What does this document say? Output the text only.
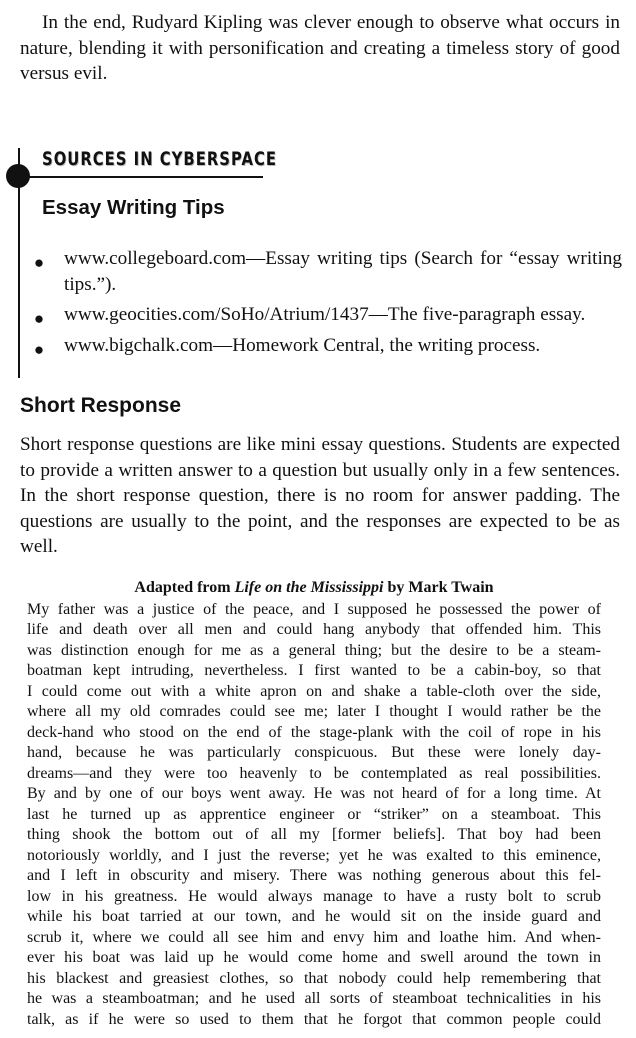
In the end, Rudyard Kipling was clever enough to observe what occurs in nature, blending it with personification and creating a timeless story of good versus evil.

SOURCES IN CYBERSPACE
Essay Writing Tips
● www.collegeboard.com—Essay writing tips (Search for “essay writing tips.”).
● www.geocities.com/SoHo/Atrium/1437—The five-paragraph essay.
● www.bigchalk.com—Homework Central, the writing process.
Short Response

Short response questions are like mini essay questions. Students are expected to provide a written answer to a question but usually only in a few sentences. In the short response question, there is no room for answer padding. The questions are usually to the point, and the responses are expected to be as well.

Adapted from Life on the Mississippi by Mark Twain
My father was a justice of the peace, and I supposed he possessed the power of
life and death over all men and could hang anybody that offended him. This
was distinction enough for me as a general thing; but the desire to be a steam-
boatman kept intruding, nevertheless. I first wanted to be a cabin-boy, so that
I could come out with a white apron on and shake a table-cloth over the side,
where all my old comrades could see me; later I thought I would rather be the
deck-hand who stood on the end of the stage-plank with the coil of rope in his
hand, because he was particularly conspicuous. But these were lonely day-
dreams—and they were too heavenly to be contemplated as real possibilities.
By and by one of our boys went away. He was not heard of for a long time. At
last he turned up as apprentice engineer or “striker” on a steamboat. This
thing shook the bottom out of all my [former beliefs]. That boy had been
notoriously worldly, and I just the reverse; yet he was exalted to this eminence,
and I left in obscurity and misery. There was nothing generous about this fel-
low in his greatness. He would always manage to have a rusty bolt to scrub
while his boat tarried at our town, and he would sit on the inside guard and
scrub it, where we could all see him and envy him and loathe him. And when-
ever his boat was laid up he would come home and swell around the town in
his blackest and greasiest clothes, so that nobody could help remembering that
he was a steamboatman; and he used all sorts of steamboat technicalities in his
talk, as if he were so used to them that he forgot that common people could
